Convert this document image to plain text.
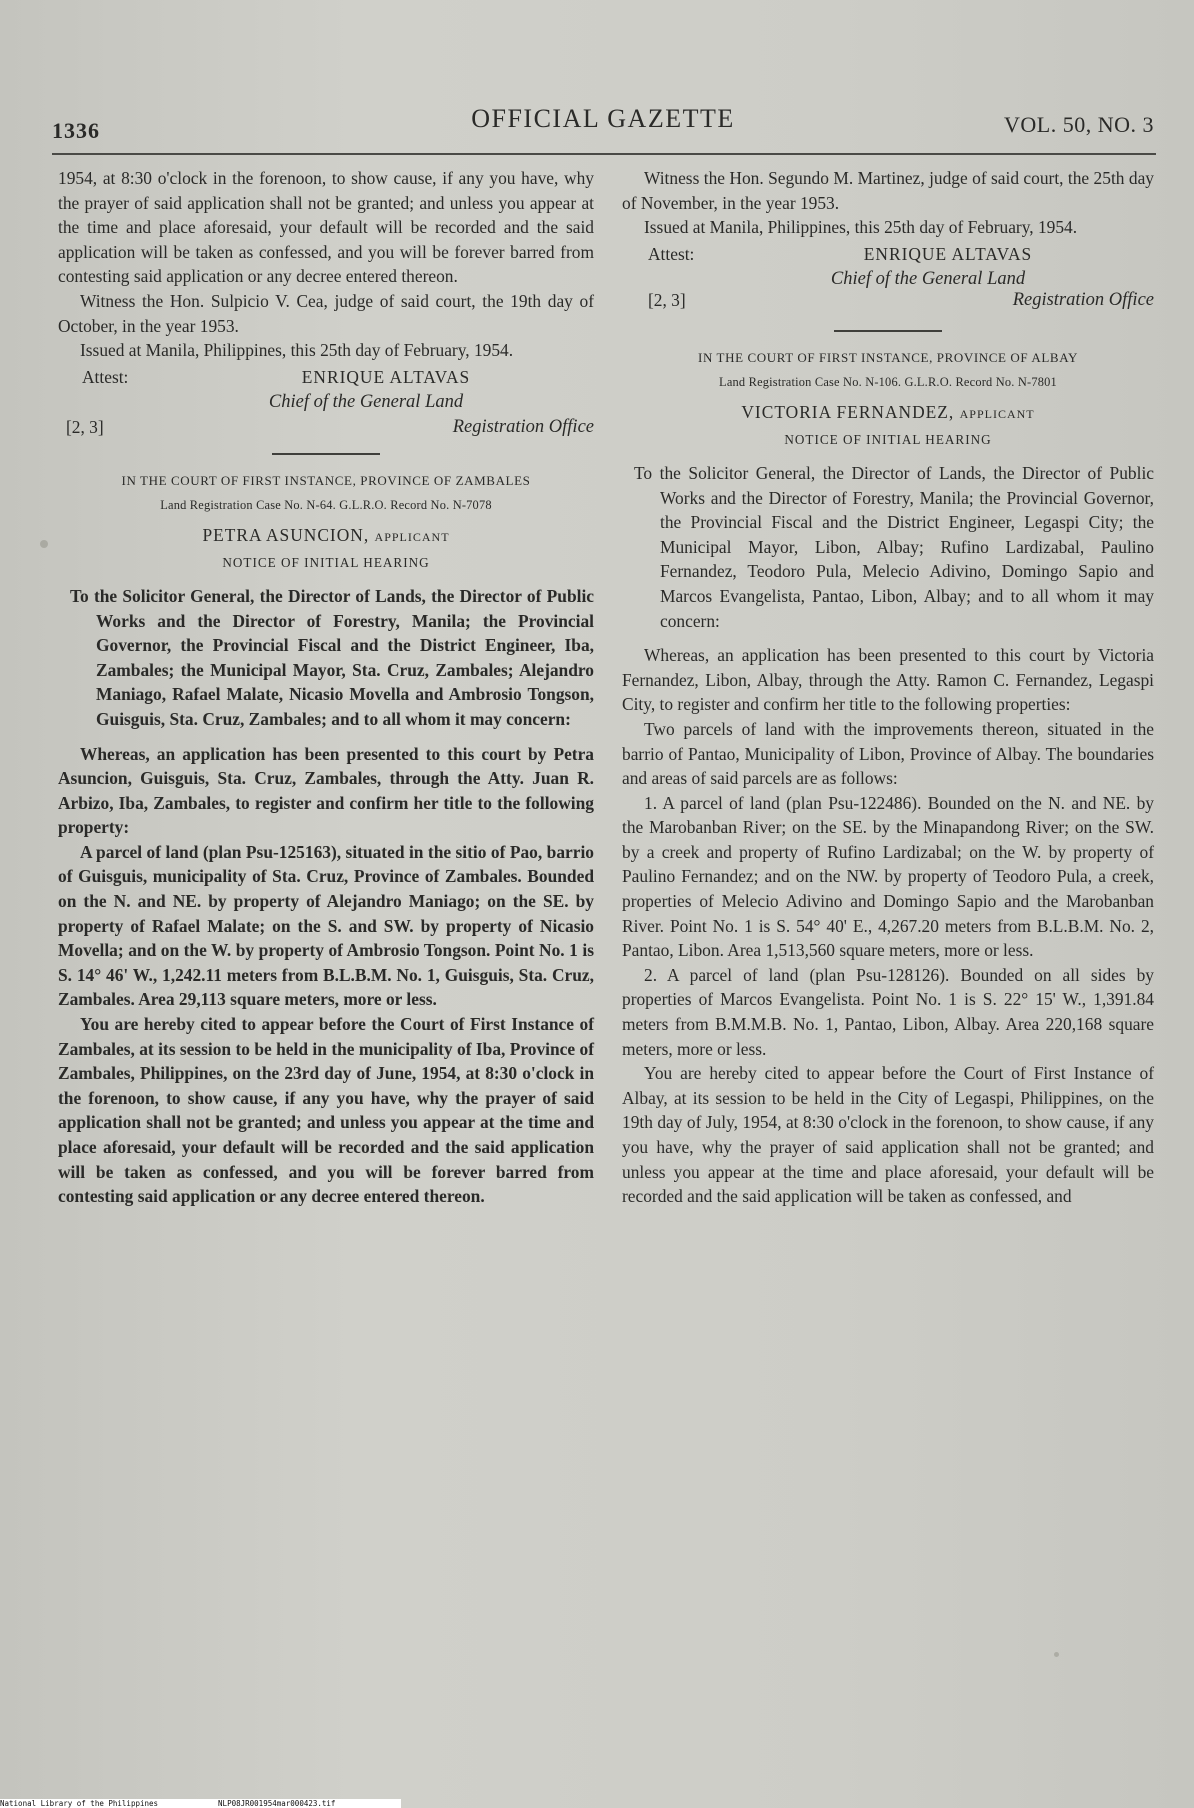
1336	OFFICIAL GAZETTE	VOL. 50, NO. 3

1954, at 8:30 o'clock in the forenoon, to show cause, if any you have, why the prayer of said application shall not be granted; and unless you appear at the time and place aforesaid, your default will be recorded and the said application will be taken as confessed, and you will be forever barred from contesting said application or any decree entered thereon.

Witness the Hon. Sulpicio V. Cea, judge of said court, the 19th day of October, in the year 1953.

Issued at Manila, Philippines, this 25th day of February, 1954.

Attest:	ENRIQUE ALTAVAS
Chief of the General Land
[2, 3]	Registration Office
IN THE COURT OF FIRST INSTANCE, PROVINCE OF ZAMBALES
Land Registration Case No. N-64. G.L.R.O. Record No. N-7078
PETRA ASUNCION, applicant
NOTICE OF INITIAL HEARING

To the Solicitor General, the Director of Lands, the Director of Public Works and the Director of Forestry, Manila; the Provincial Governor, the Provincial Fiscal and the District Engineer, Iba, Zambales; the Municipal Mayor, Sta. Cruz, Zambales; Alejandro Maniago, Rafael Malate, Nicasio Movella and Ambrosio Tongson, Guisguis, Sta. Cruz, Zambales; and to all whom it may concern:

Whereas, an application has been presented to this court by Petra Asuncion, Guisguis, Sta. Cruz, Zambales, through the Atty. Juan R. Arbizo, Iba, Zambales, to register and confirm her title to the following property:

A parcel of land (plan Psu-125163), situated in the sitio of Pao, barrio of Guisguis, municipality of Sta. Cruz, Province of Zambales. Bounded on the N. and NE. by property of Alejandro Maniago; on the SE. by property of Rafael Malate; on the S. and SW. by property of Nicasio Movella; and on the W. by property of Ambrosio Tongson. Point No. 1 is S. 14° 46' W., 1,242.11 meters from B.L.B.M. No. 1, Guisguis, Sta. Cruz, Zambales. Area 29,113 square meters, more or less.

You are hereby cited to appear before the Court of First Instance of Zambales, at its session to be held in the municipality of Iba, Province of Zambales, Philippines, on the 23rd day of June, 1954, at 8:30 o'clock in the forenoon, to show cause, if any you have, why the prayer of said application shall not be granted; and unless you appear at the time and place aforesaid, your default will be recorded and the said application will be taken as confessed, and you will be forever barred from contesting said application or any decree entered thereon.

Witness the Hon. Segundo M. Martinez, judge of said court, the 25th day of November, in the year 1953.

Issued at Manila, Philippines, this 25th day of February, 1954.

Attest:	ENRIQUE ALTAVAS
Chief of the General Land
[2, 3]	Registration Office
IN THE COURT OF FIRST INSTANCE, PROVINCE OF ALBAY
Land Registration Case No. N-106. G.L.R.O. Record No. N-7801
VICTORIA FERNANDEZ, applicant
NOTICE OF INITIAL HEARING

To the Solicitor General, the Director of Lands, the Director of Public Works and the Director of Forestry, Manila; the Provincial Governor, the Provincial Fiscal and the District Engineer, Legaspi City; the Municipal Mayor, Libon, Albay; Rufino Lardizabal, Paulino Fernandez, Teodoro Pula, Melecio Adivino, Domingo Sapio and Marcos Evangelista, Pantao, Libon, Albay; and to all whom it may concern:

Whereas, an application has been presented to this court by Victoria Fernandez, Libon, Albay, through the Atty. Ramon C. Fernandez, Legaspi City, to register and confirm her title to the following properties:

Two parcels of land with the improvements thereon, situated in the barrio of Pantao, Municipality of Libon, Province of Albay. The boundaries and areas of said parcels are as follows:

1. A parcel of land (plan Psu-122486). Bounded on the N. and NE. by the Marobanban River; on the SE. by the Minapandong River; on the SW. by a creek and property of Rufino Lardizabal; on the W. by property of Paulino Fernandez; and on the NW. by property of Teodoro Pula, a creek, properties of Melecio Adivino and Domingo Sapio and the Marobanban River. Point No. 1 is S. 54° 40' E., 4,267.20 meters from B.L.B.M. No. 2, Pantao, Libon. Area 1,513,560 square meters, more or less.

2. A parcel of land (plan Psu-128126). Bounded on all sides by properties of Marcos Evangelista. Point No. 1 is S. 22° 15' W., 1,391.84 meters from B.M.M.B. No. 1, Pantao, Libon, Albay. Area 220,168 square meters, more or less.

You are hereby cited to appear before the Court of First Instance of Albay, at its session to be held in the City of Legaspi, Philippines, on the 19th day of July, 1954, at 8:30 o'clock in the forenoon, to show cause, if any you have, why the prayer of said application shall not be granted; and unless you appear at the time and place aforesaid, your default will be recorded and the said application will be taken as confessed, and

National Library of the Philippines	NLP08JR001954mar000423.tif
